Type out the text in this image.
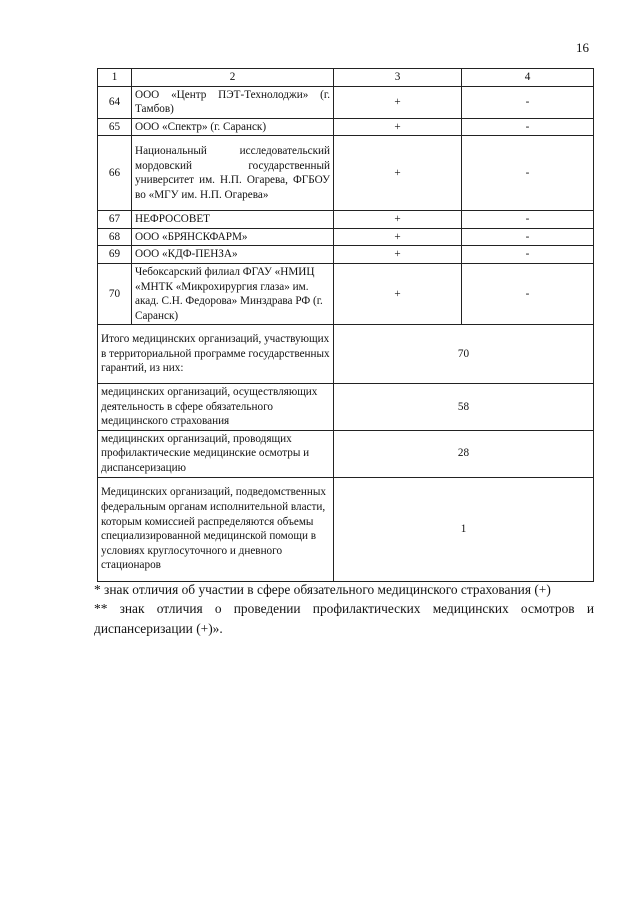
16
1	2	3	4
64	ООО «Центр ПЭТ-Технолоджи» (г. Тамбов)	+	-
65	ООО «Спектр» (г. Саранск)	+	-
66	Национальный исследовательский мордовский государственный университет им. Н.П. Огарева, ФГБОУ во «МГУ им. Н.П. Огарева»	+	-
67	НЕФРОСОВЕТ	+	-
68	ООО «БРЯНСКФАРМ»	+	-
69	ООО «КДФ-ПЕНЗА»	+	-
70	Чебоксарский филиал ФГАУ «НМИЦ «МНТК «Микрохирургия глаза» им. акад. С.Н. Федорова» Минздрава РФ (г. Саранск)	+	-
Итого медицинских организаций, участвующих в территориальной программе государственных гарантий, из них:		70	
медицинских организаций, осуществляющих деятельность в сфере обязательного медицинского страхования		58	
медицинских организаций, проводящих профилактические медицинские осмотры и диспансеризацию		28	
Медицинских организаций, подведомственных федеральным органам исполнительной власти, которым комиссией распределяются объемы специализированной медицинской помощи в условиях круглосуточного и дневного стационаров		1	

* знак отличия об участии в сфере обязательного медицинского страхования (+)

** знак отличия о проведении профилактических медицинских осмотров и диспансеризации (+)».
